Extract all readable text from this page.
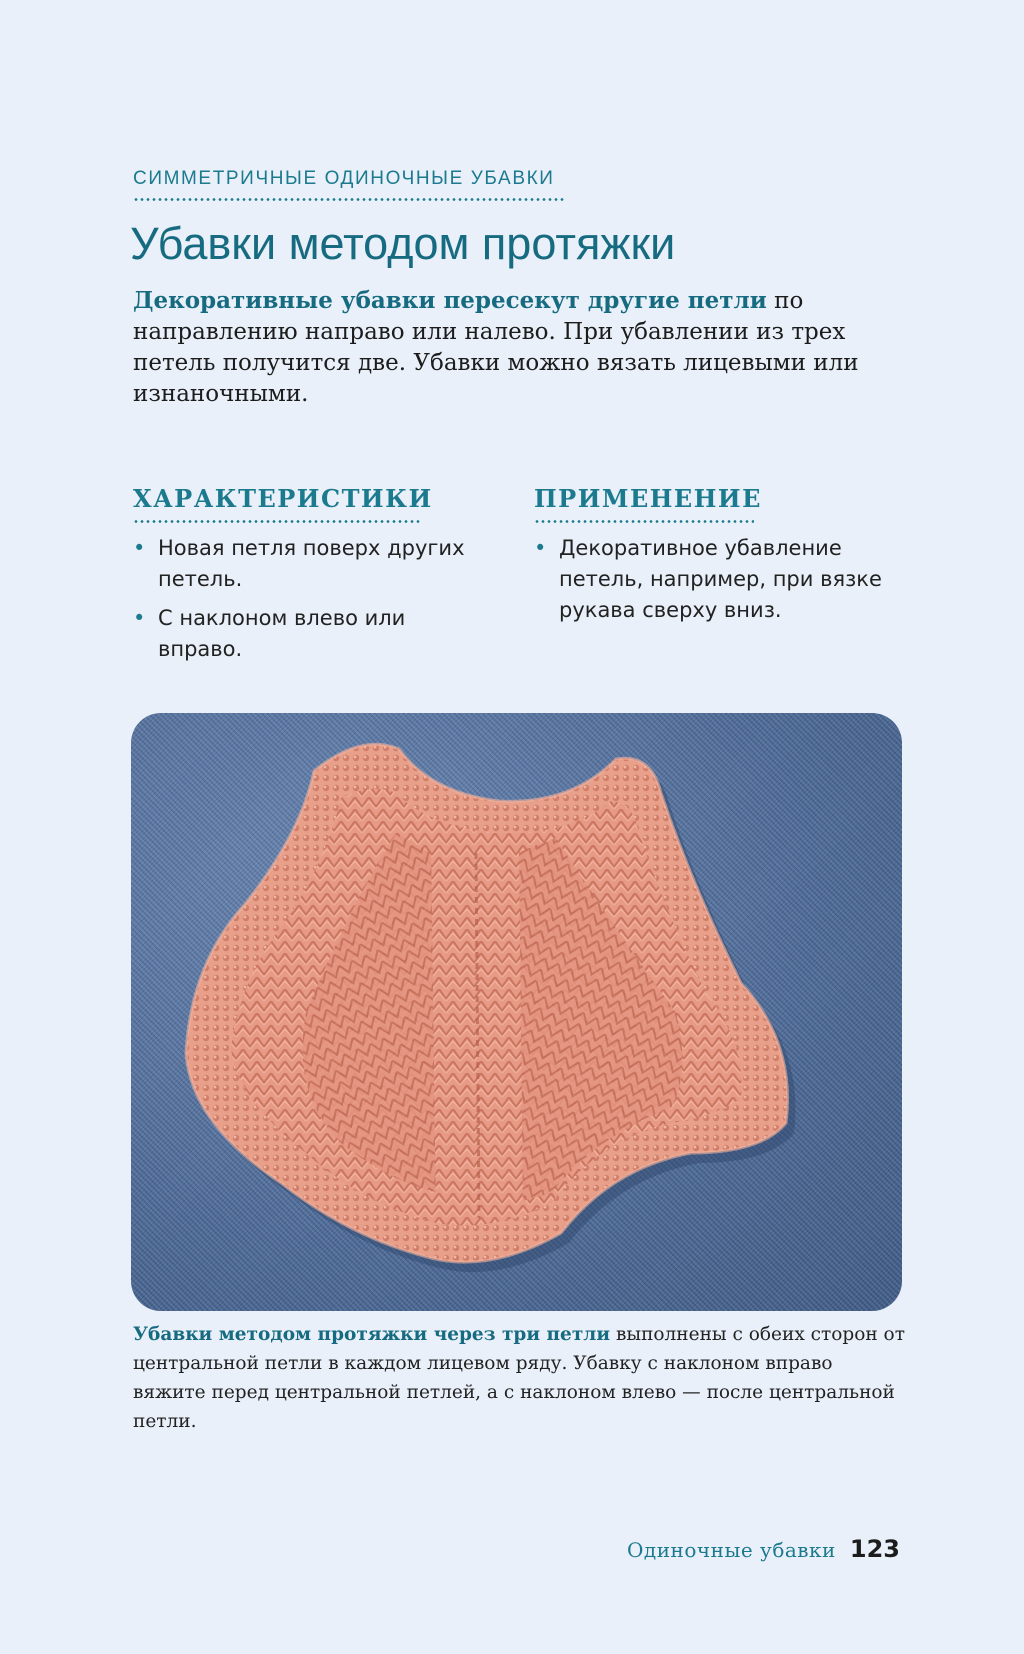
СИММЕТРИЧНЫЕ ОДИНОЧНЫЕ УБАВКИ
Убавки методом протяжки

Декоративные убавки пересекут другие петли по направлению направо или налево. При убавлении из трех петель получится две. Убавки можно вязать лицевыми или изнаночными.

ХАРАКТЕРИСТИКИ
• Новая петля поверх других петель.
• С наклоном влево или вправо.
ПРИМЕНЕНИЕ
• Декоративное убавление петель, например, при вязке рукава сверху вниз.

Убавки методом протяжки через три петли выполнены с обеих сторон от центральной петли в каждом лицевом ряду. Убавку с наклоном вправо вяжите перед центральной петлей, а с наклоном влево — после центральной петли.

Одиночные убавки 123
